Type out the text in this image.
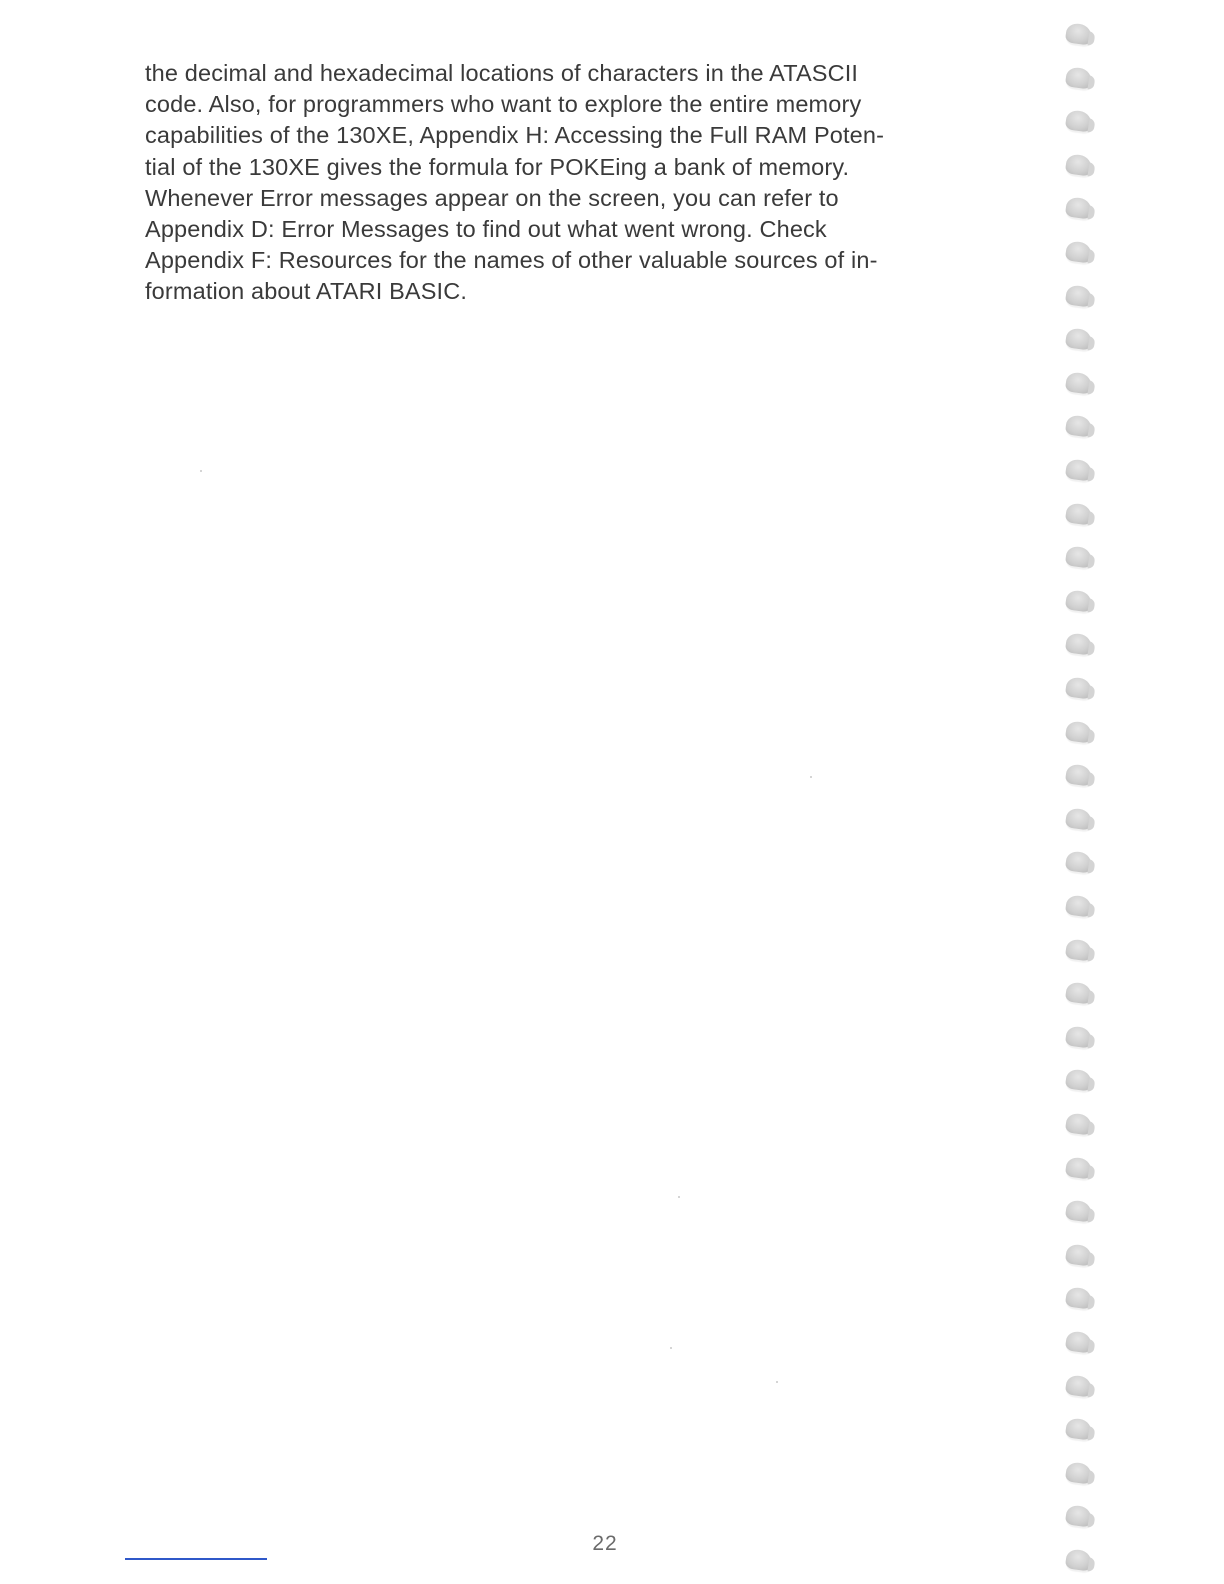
the decimal and hexadecimal locations of characters in the ATASCII
code. Also, for programmers who want to explore the entire memory
capabilities of the 130XE, Appendix H: Accessing the Full RAM Poten-
tial of the 130XE gives the formula for POKEing a bank of memory.
Whenever Error messages appear on the screen, you can refer to
Appendix D: Error Messages to find out what went wrong. Check
Appendix F: Resources for the names of other valuable sources of in-
formation about ATARI BASIC.
22
